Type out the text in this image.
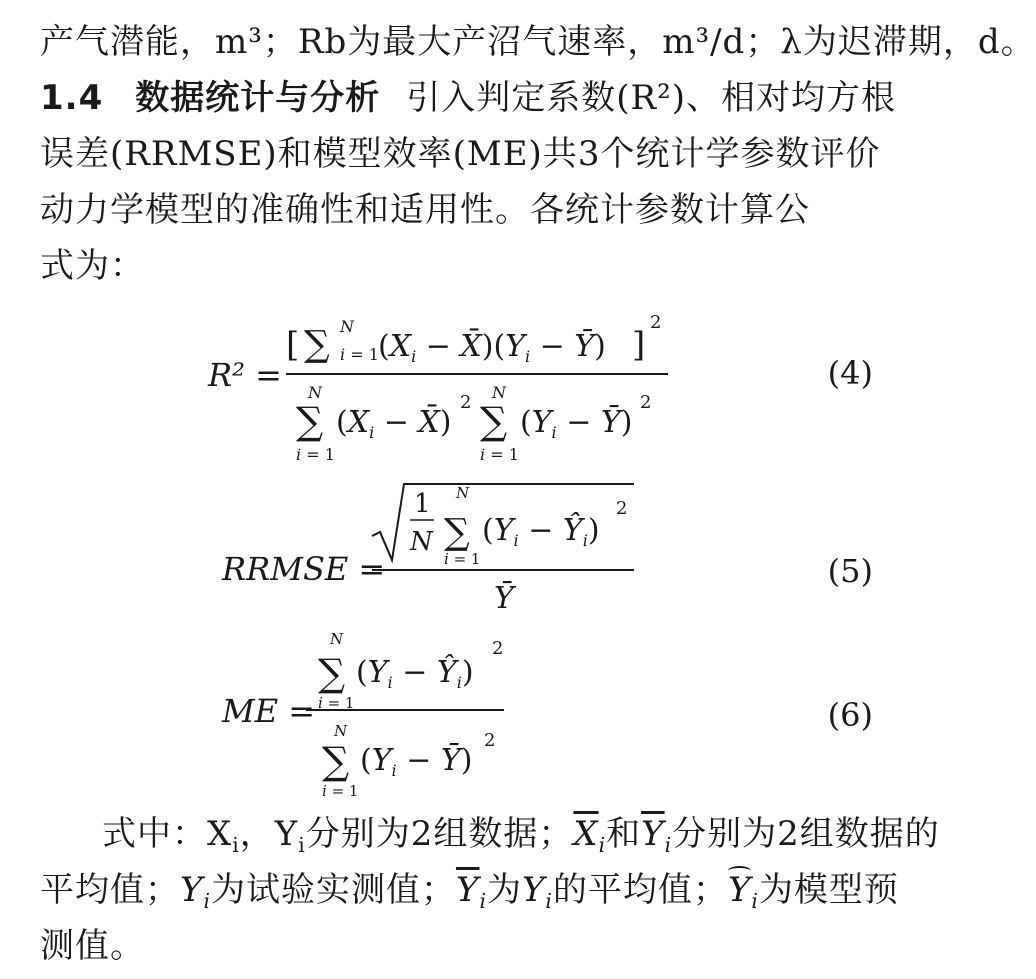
产气潜能，m³；Rb为最大产沼气速率，m³/d；λ为迟滞期，d。
1.4 数据统计与分析 引入判定系数(R²)、相对均方根
误差(RRMSE)和模型效率(ME)共3个统计学参数评价
动力学模型的准确性和适用性。各统计参数计算公
式为：
R² =
[ ∑ N
i = 1 ($X_i$ − $X̄)(Y_i$ − Ȳ) ]
2
∑
N
i = 1
($X_i$ − X̄)
2 ∑
N
i = 1
($Y_i$ − Ȳ)
2
(4)
RRMSE =
1
N ∑
N
i = 1
($Y_i$ − $Ŷ_i$)
2
Ȳ
(5)
ME =
∑
N
i = 1
($Y_i$ − $Ŷ_i$)
2
∑
N
i = 1
($Y_i$ − Ȳ)
2
(6)
式中：$X_i$，$Y_i$分别为2组数据；$\overline{X}_i$和$\overline{Y}_i$分别为2组数据的
平均值；$Y_i$为试验实测值；$\overline{Y}_i$为$Y_i$的平均值；$Y_i$为模型预
测值。
